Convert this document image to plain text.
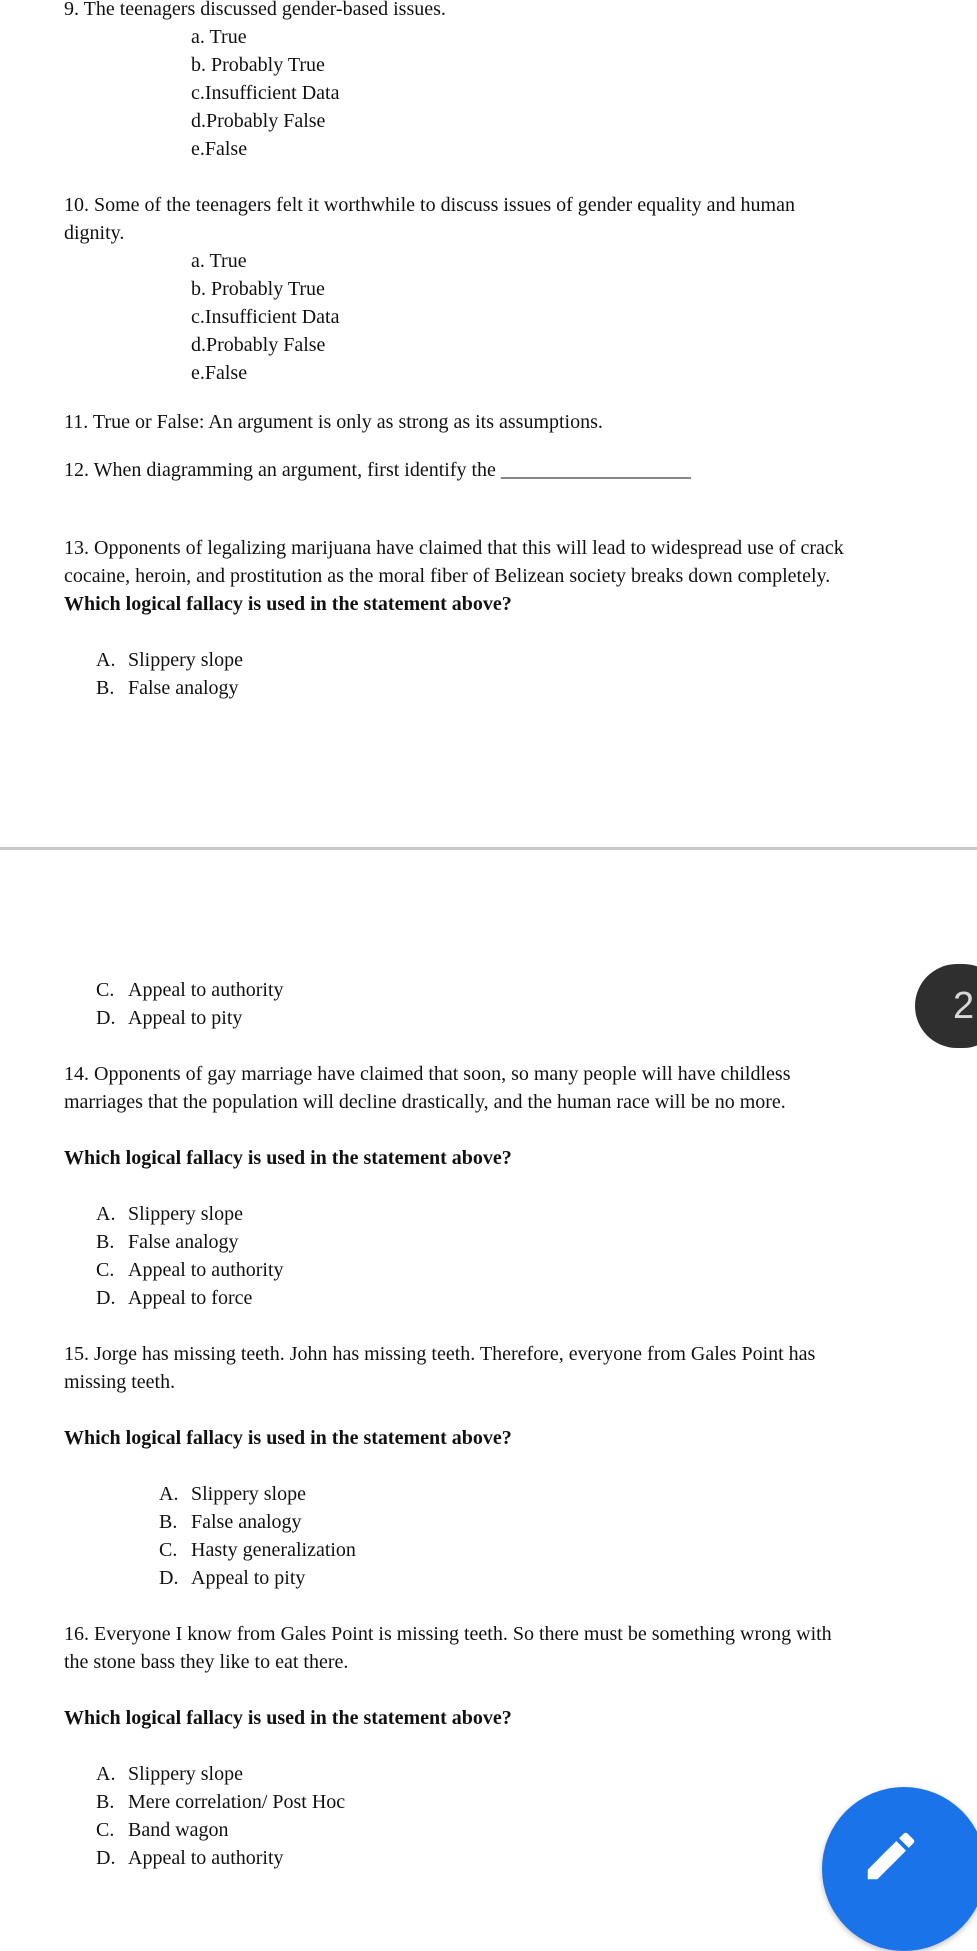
9. The teenagers discussed gender-based issues.
a. True
b. Probably True
c.Insufficient Data
d.Probably False
e.False
10. Some of the teenagers felt it worthwhile to discuss issues of gender equality and human
dignity.
a. True
b. Probably True
c.Insufficient Data
d.Probably False
e.False
11. True or False: An argument is only as strong as its assumptions.
12. When diagramming an argument, first identify the ___________________
13. Opponents of legalizing marijuana have claimed that this will lead to widespread use of crack
cocaine, heroin, and prostitution as the moral fiber of Belizean society breaks down completely.
Which logical fallacy is used in the statement above?
A. Slippery slope
B. False analogy
C. Appeal to authority
D. Appeal to pity
14. Opponents of gay marriage have claimed that soon, so many people will have childless
marriages that the population will decline drastically, and the human race will be no more.
Which logical fallacy is used in the statement above?
A. Slippery slope
B. False analogy
C. Appeal to authority
D. Appeal to force
15. Jorge has missing teeth. John has missing teeth. Therefore, everyone from Gales Point has
missing teeth.
Which logical fallacy is used in the statement above?
A. Slippery slope
B. False analogy
C. Hasty generalization
D. Appeal to pity
16. Everyone I know from Gales Point is missing teeth. So there must be something wrong with
the stone bass they like to eat there.
Which logical fallacy is used in the statement above?
A. Slippery slope
B. Mere correlation/ Post Hoc
C. Band wagon
D. Appeal to authority
2
